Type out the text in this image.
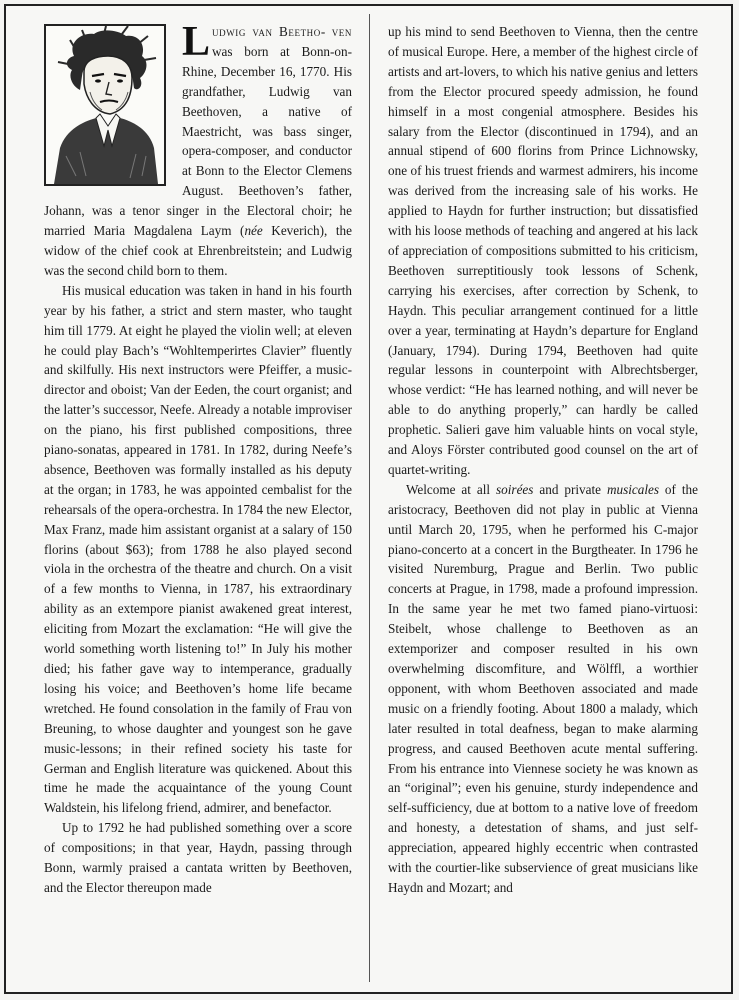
Ludwig van Beetho- ven was born at Bonn-on-Rhine, December 16, 1770. His grandfather, Ludwig van Beethoven, a native of Maestricht, was bass singer, opera-composer, and conductor at Bonn to the Elector Clemens August. Beethoven’s father, Johann, was a tenor singer in the Electoral choir; he married Maria Magdalena Laym (née Keverich), the widow of the chief cook at Ehrenbreitstein; and Ludwig was the second child born to them.

His musical education was taken in hand in his fourth year by his father, a strict and stern master, who taught him till 1779. At eight he played the violin well; at eleven he could play Bach’s “Wohltemperirtes Clavier” fluently and skilfully. His next instructors were Pfeiffer, a music-director and oboist; Van der Eeden, the court organist; and the latter’s successor, Neefe. Already a notable improviser on the piano, his first published compositions, three piano-sonatas, appeared in 1781. In 1782, during Neefe’s absence, Beethoven was formally installed as his deputy at the organ; in 1783, he was appointed cembalist for the rehearsals of the opera-orchestra. In 1784 the new Elector, Max Franz, made him assistant organist at a salary of 150 florins (about $63); from 1788 he also played second viola in the orchestra of the theatre and church. On a visit of a few months to Vienna, in 1787, his extraordinary ability as an extempore pianist awakened great interest, eliciting from Mozart the exclamation: “He will give the world something worth listening to!” In July his mother died; his father gave way to intemperance, gradually losing his voice; and Beethoven’s home life became wretched. He found consolation in the family of Frau von Breuning, to whose daughter and youngest son he gave music-lessons; in their refined society his taste for German and English literature was quickened. About this time he made the acquaintance of the young Count Waldstein, his lifelong friend, admirer, and benefactor.

Up to 1792 he had published something over a score of compositions; in that year, Haydn, passing through Bonn, warmly praised a cantata written by Beethoven, and the Elector thereupon made

up his mind to send Beethoven to Vienna, then the centre of musical Europe. Here, a member of the highest circle of artists and art-lovers, to which his native genius and letters from the Elector procured speedy admission, he found himself in a most congenial atmosphere. Besides his salary from the Elector (discontinued in 1794), and an annual stipend of 600 florins from Prince Lichnowsky, one of his truest friends and warmest admirers, his income was derived from the increasing sale of his works. He applied to Haydn for further instruction; but dissatisfied with his loose methods of teaching and angered at his lack of appreciation of compositions submitted to his criticism, Beethoven surreptitiously took lessons of Schenk, carrying his exercises, after correction by Schenk, to Haydn. This peculiar arrangement continued for a little over a year, terminating at Haydn’s departure for England (January, 1794). During 1794, Beethoven had quite regular lessons in counterpoint with Albrechtsberger, whose verdict: “He has learned nothing, and will never be able to do anything properly,” can hardly be called prophetic. Salieri gave him valuable hints on vocal style, and Aloys Förster contributed good counsel on the art of quartet-writing.

Welcome at all soirées and private musicales of the aristocracy, Beethoven did not play in public at Vienna until March 20, 1795, when he performed his C-major piano-concerto at a concert in the Burgtheater. In 1796 he visited Nuremburg, Prague and Berlin. Two public concerts at Prague, in 1798, made a profound impression. In the same year he met two famed piano-virtuosi: Steibelt, whose challenge to Beethoven as an extemporizer and composer resulted in his own overwhelming discomfiture, and Wölffl, a worthier opponent, with whom Beethoven associated and made music on a friendly footing. About 1800 a malady, which later resulted in total deafness, began to make alarming progress, and caused Beethoven acute mental suffering. From his entrance into Viennese society he was known as an “original”; even his genuine, sturdy independence and self-sufficiency, due at bottom to a native love of freedom and honesty, a detestation of shams, and just self-appreciation, appeared highly eccentric when contrasted with the courtier-like subservience of great musicians like Haydn and Mozart; and
